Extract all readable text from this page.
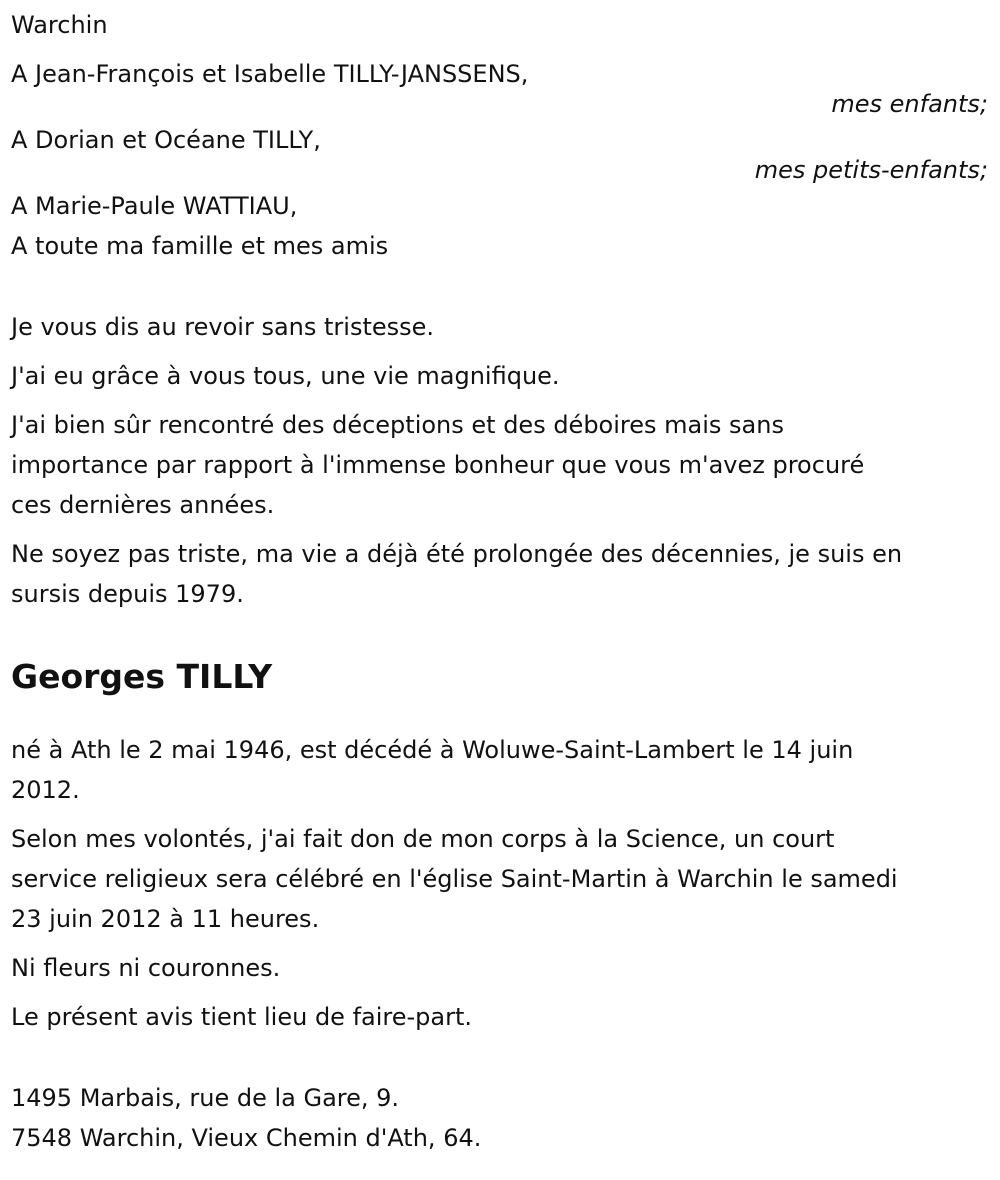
Warchin
A Jean-François et Isabelle TILLY-JANSSENS,
mes enfants;
A Dorian et Océane TILLY,
mes petits-enfants;
A Marie-Paule WATTIAU,
A toute ma famille et mes amis
Je vous dis au revoir sans tristesse.
J'ai eu grâce à vous tous, une vie magnifique.
J'ai bien sûr rencontré des déceptions et des déboires mais sans
importance par rapport à l'immense bonheur que vous m'avez procuré
ces dernières années.
Ne soyez pas triste, ma vie a déjà été prolongée des décennies, je suis en
sursis depuis 1979.
Georges TILLY
né à Ath le 2 mai 1946, est décédé à Woluwe-Saint-Lambert le 14 juin
2012.
Selon mes volontés, j'ai fait don de mon corps à la Science, un court
service religieux sera célébré en l'église Saint-Martin à Warchin le samedi
23 juin 2012 à 11 heures.
Ni fleurs ni couronnes.
Le présent avis tient lieu de faire-part.
1495 Marbais, rue de la Gare, 9.
7548 Warchin, Vieux Chemin d'Ath, 64.
